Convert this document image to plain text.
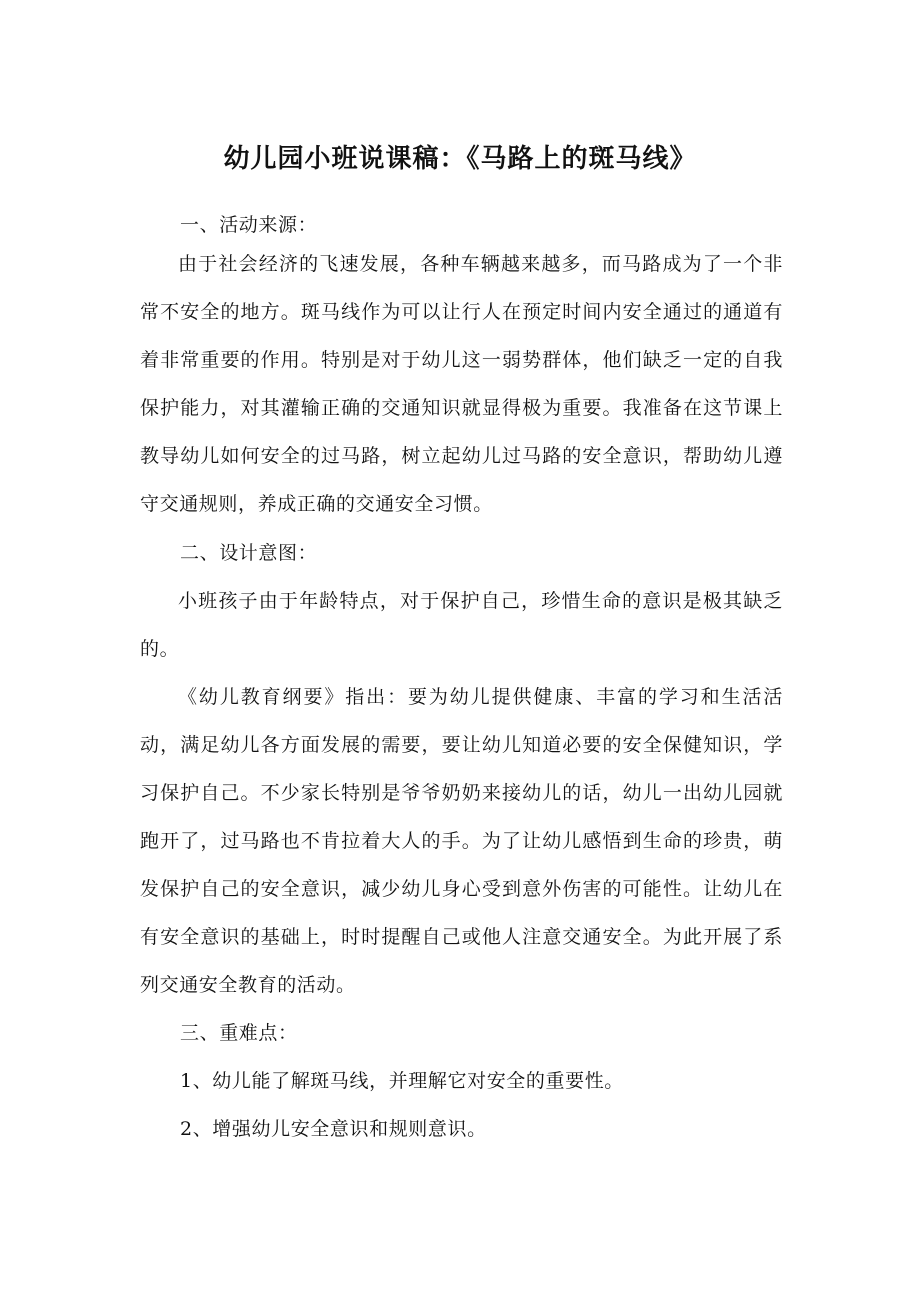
幼儿园小班说课稿：《马路上的斑马线》

一、活动来源：

由于社会经济的飞速发展，各种车辆越来越多，而马路成为了一个非常不安全的地方。斑马线作为可以让行人在预定时间内安全通过的通道有着非常重要的作用。特别是对于幼儿这一弱势群体，他们缺乏一定的自我保护能力，对其灌输正确的交通知识就显得极为重要。我准备在这节课上教导幼儿如何安全的过马路，树立起幼儿过马路的安全意识，帮助幼儿遵守交通规则，养成正确的交通安全习惯。

二、设计意图：

小班孩子由于年龄特点，对于保护自己，珍惜生命的意识是极其缺乏的。

《幼儿教育纲要》指出：要为幼儿提供健康、丰富的学习和生活活动，满足幼儿各方面发展的需要，要让幼儿知道必要的安全保健知识，学习保护自己。不少家长特别是爷爷奶奶来接幼儿的话，幼儿一出幼儿园就跑开了，过马路也不肯拉着大人的手。为了让幼儿感悟到生命的珍贵，萌发保护自己的安全意识，减少幼儿身心受到意外伤害的可能性。让幼儿在有安全意识的基础上，时时提醒自己或他人注意交通安全。为此开展了系列交通安全教育的活动。

三、重难点：

1、幼儿能了解斑马线，并理解它对安全的重要性。

2、增强幼儿安全意识和规则意识。
